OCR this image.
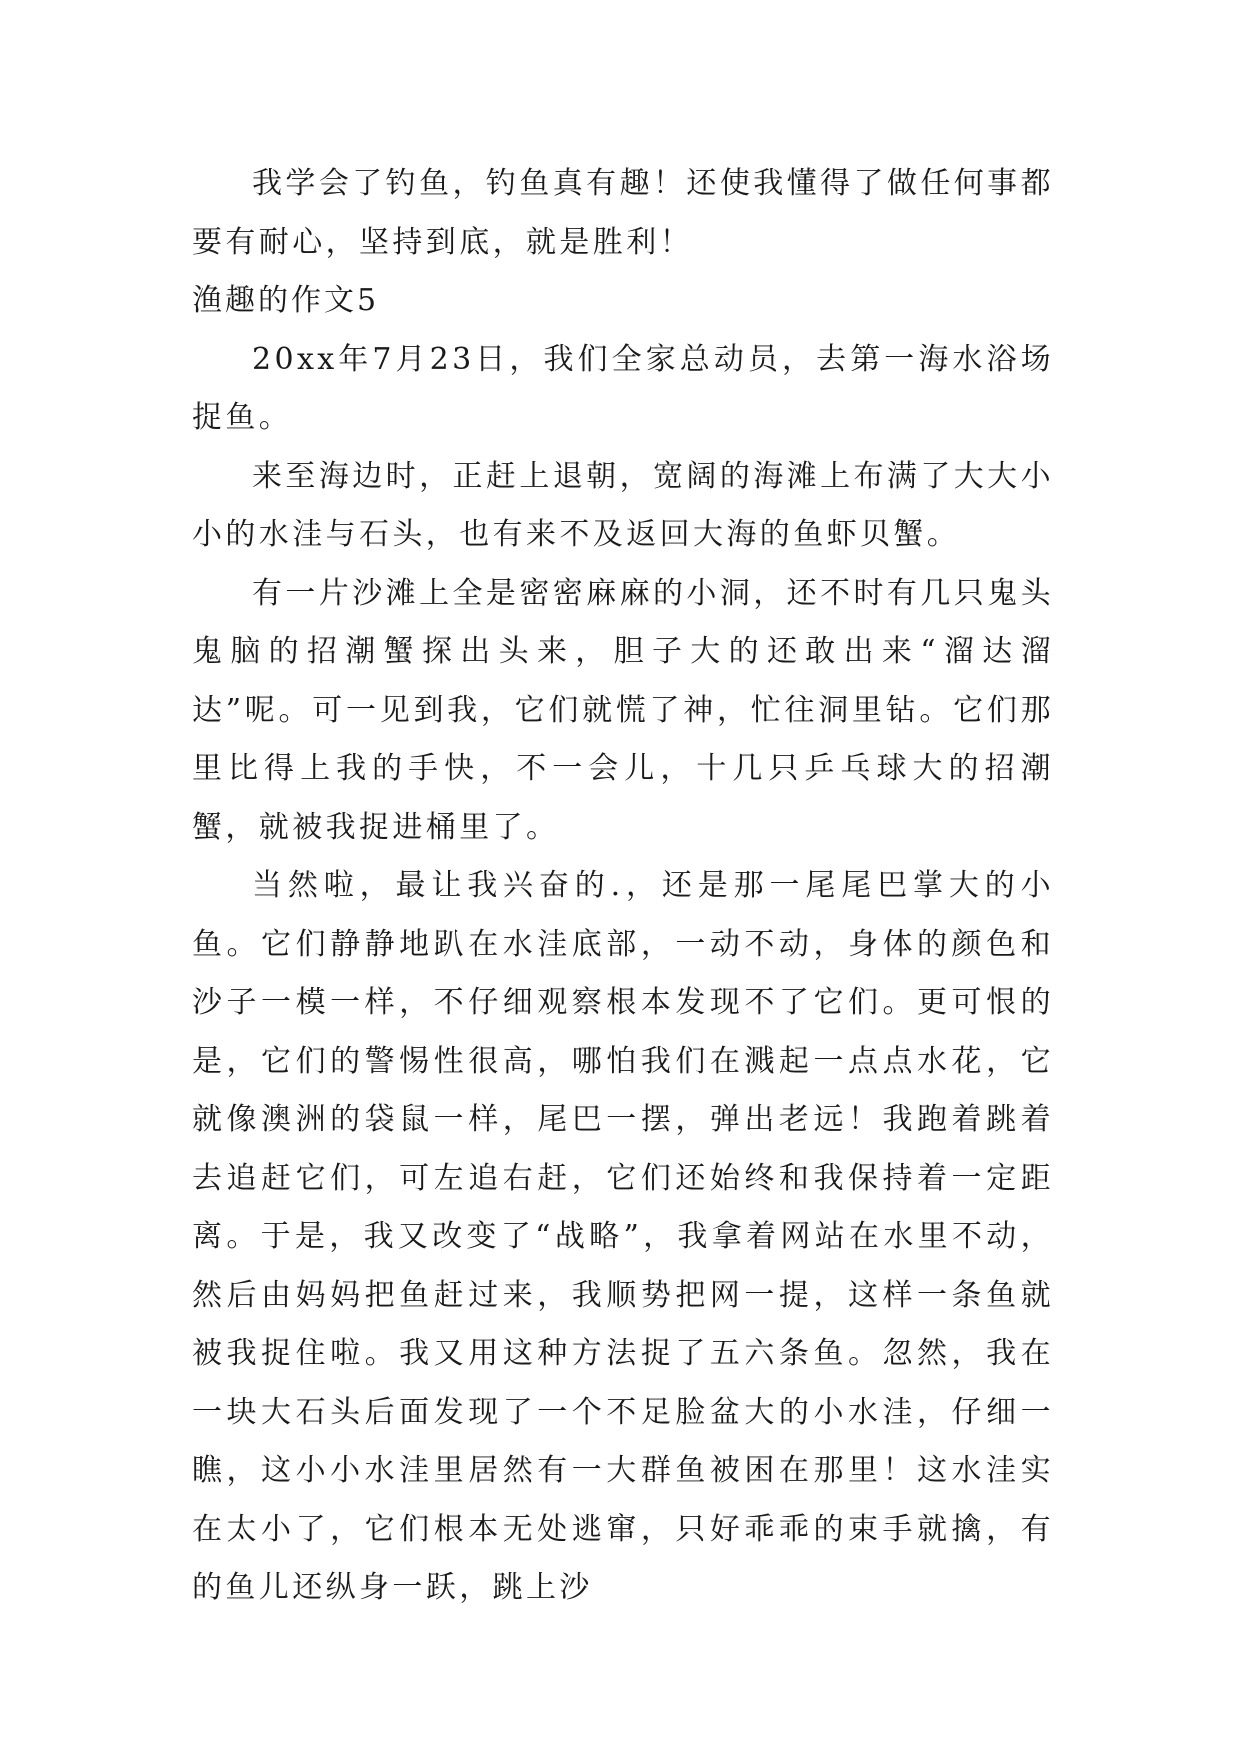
我学会了钓鱼，钓鱼真有趣！还使我懂得了做任何事都要有耐心，坚持到底，就是胜利！

渔趣的作文5

20xx年7月23日，我们全家总动员，去第一海水浴场捉鱼。

来至海边时，正赶上退朝，宽阔的海滩上布满了大大小小的水洼与石头，也有来不及返回大海的鱼虾贝蟹。

有一片沙滩上全是密密麻麻的小洞，还不时有几只鬼头鬼脑的招潮蟹探出头来，胆子大的还敢出来“溜达溜达”呢。可一见到我，它们就慌了神，忙往洞里钻。它们那里比得上我的手快，不一会儿，十几只乒乓球大的招潮蟹，就被我捉进桶里了。

当然啦，最让我兴奋的.，还是那一尾尾巴掌大的小鱼。它们静静地趴在水洼底部，一动不动，身体的颜色和沙子一模一样，不仔细观察根本发现不了它们。更可恨的是，它们的警惕性很高，哪怕我们在溅起一点点水花，它就像澳洲的袋鼠一样，尾巴一摆，弹出老远！我跑着跳着去追赶它们，可左追右赶，它们还始终和我保持着一定距离。于是，我又改变了“战略”，我拿着网站在水里不动，然后由妈妈把鱼赶过来，我顺势把网一提，这样一条鱼就被我捉住啦。我又用这种方法捉了五六条鱼。忽然，我在一块大石头后面发现了一个不足脸盆大的小水洼，仔细一瞧，这小小水洼里居然有一大群鱼被困在那里！这水洼实在太小了，它们根本无处逃窜，只好乖乖的束手就擒，有的鱼儿还纵身一跃，跳上沙
